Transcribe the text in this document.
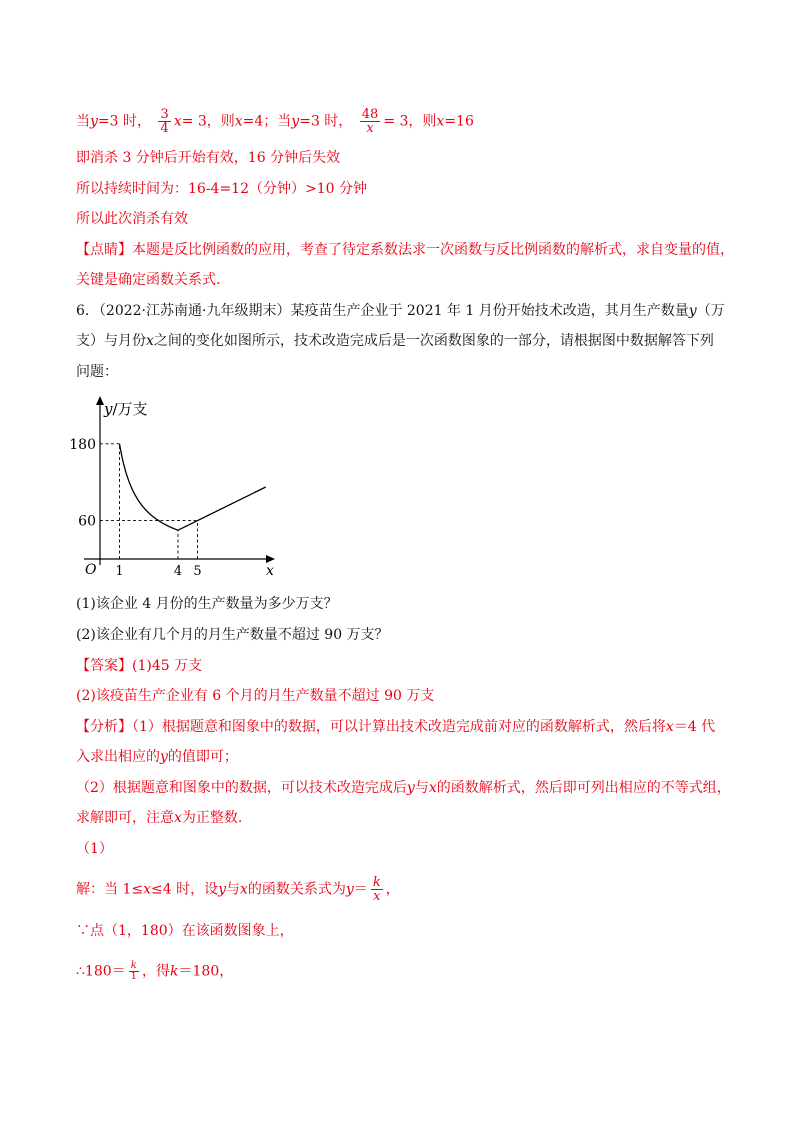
当y=3 时， $\frac{3}{4} x= 3$，则x=4；当y=3 时， $\frac{48}{x} = 3$，则x=16
即消杀 3 分钟后开始有效，16 分钟后失效
所以持续时间为：16-4=12（分钟）>10 分钟
所以此次消杀有效
【点睛】本题是反比例函数的应用，考查了待定系数法求一次函数与反比例函数的解析式，求自变量的值，
关键是确定函数关系式.
6．（2022·江苏南通·九年级期末）某疫苗生产企业于 2021 年 1 月份开始技术改造，其月生产数量y（万
支）与月份x之间的变化如图所示，技术改造完成后是一次函数图象的一部分，请根据图中数据解答下列
问题：
y/万支
x
O
180
60
1	4 5
(1)该企业 4 月份的生产数量为多少万支？
(2)该企业有几个月的月生产数量不超过 90 万支？
【答案】(1)45 万支
(2)该疫苗生产企业有 6 个月的月生产数量不超过 90 万支
【分析】（1）根据题意和图象中的数据，可以计算出技术改造完成前对应的函数解析式，然后将x＝4 代
入求出相应的y的值即可；
（2）根据题意和图象中的数据，可以技术改造完成后y与x的函数解析式，然后即可列出相应的不等式组，
求解即可，注意x为正整数.
（1）
解：当 1≤x≤4 时，设y与x的函数关系式为$y= \frac{k}{x}$ ，
∵点（1，180）在该函数图象上，
∴180＝ $\frac{k}{1}$ ，得k＝180，
